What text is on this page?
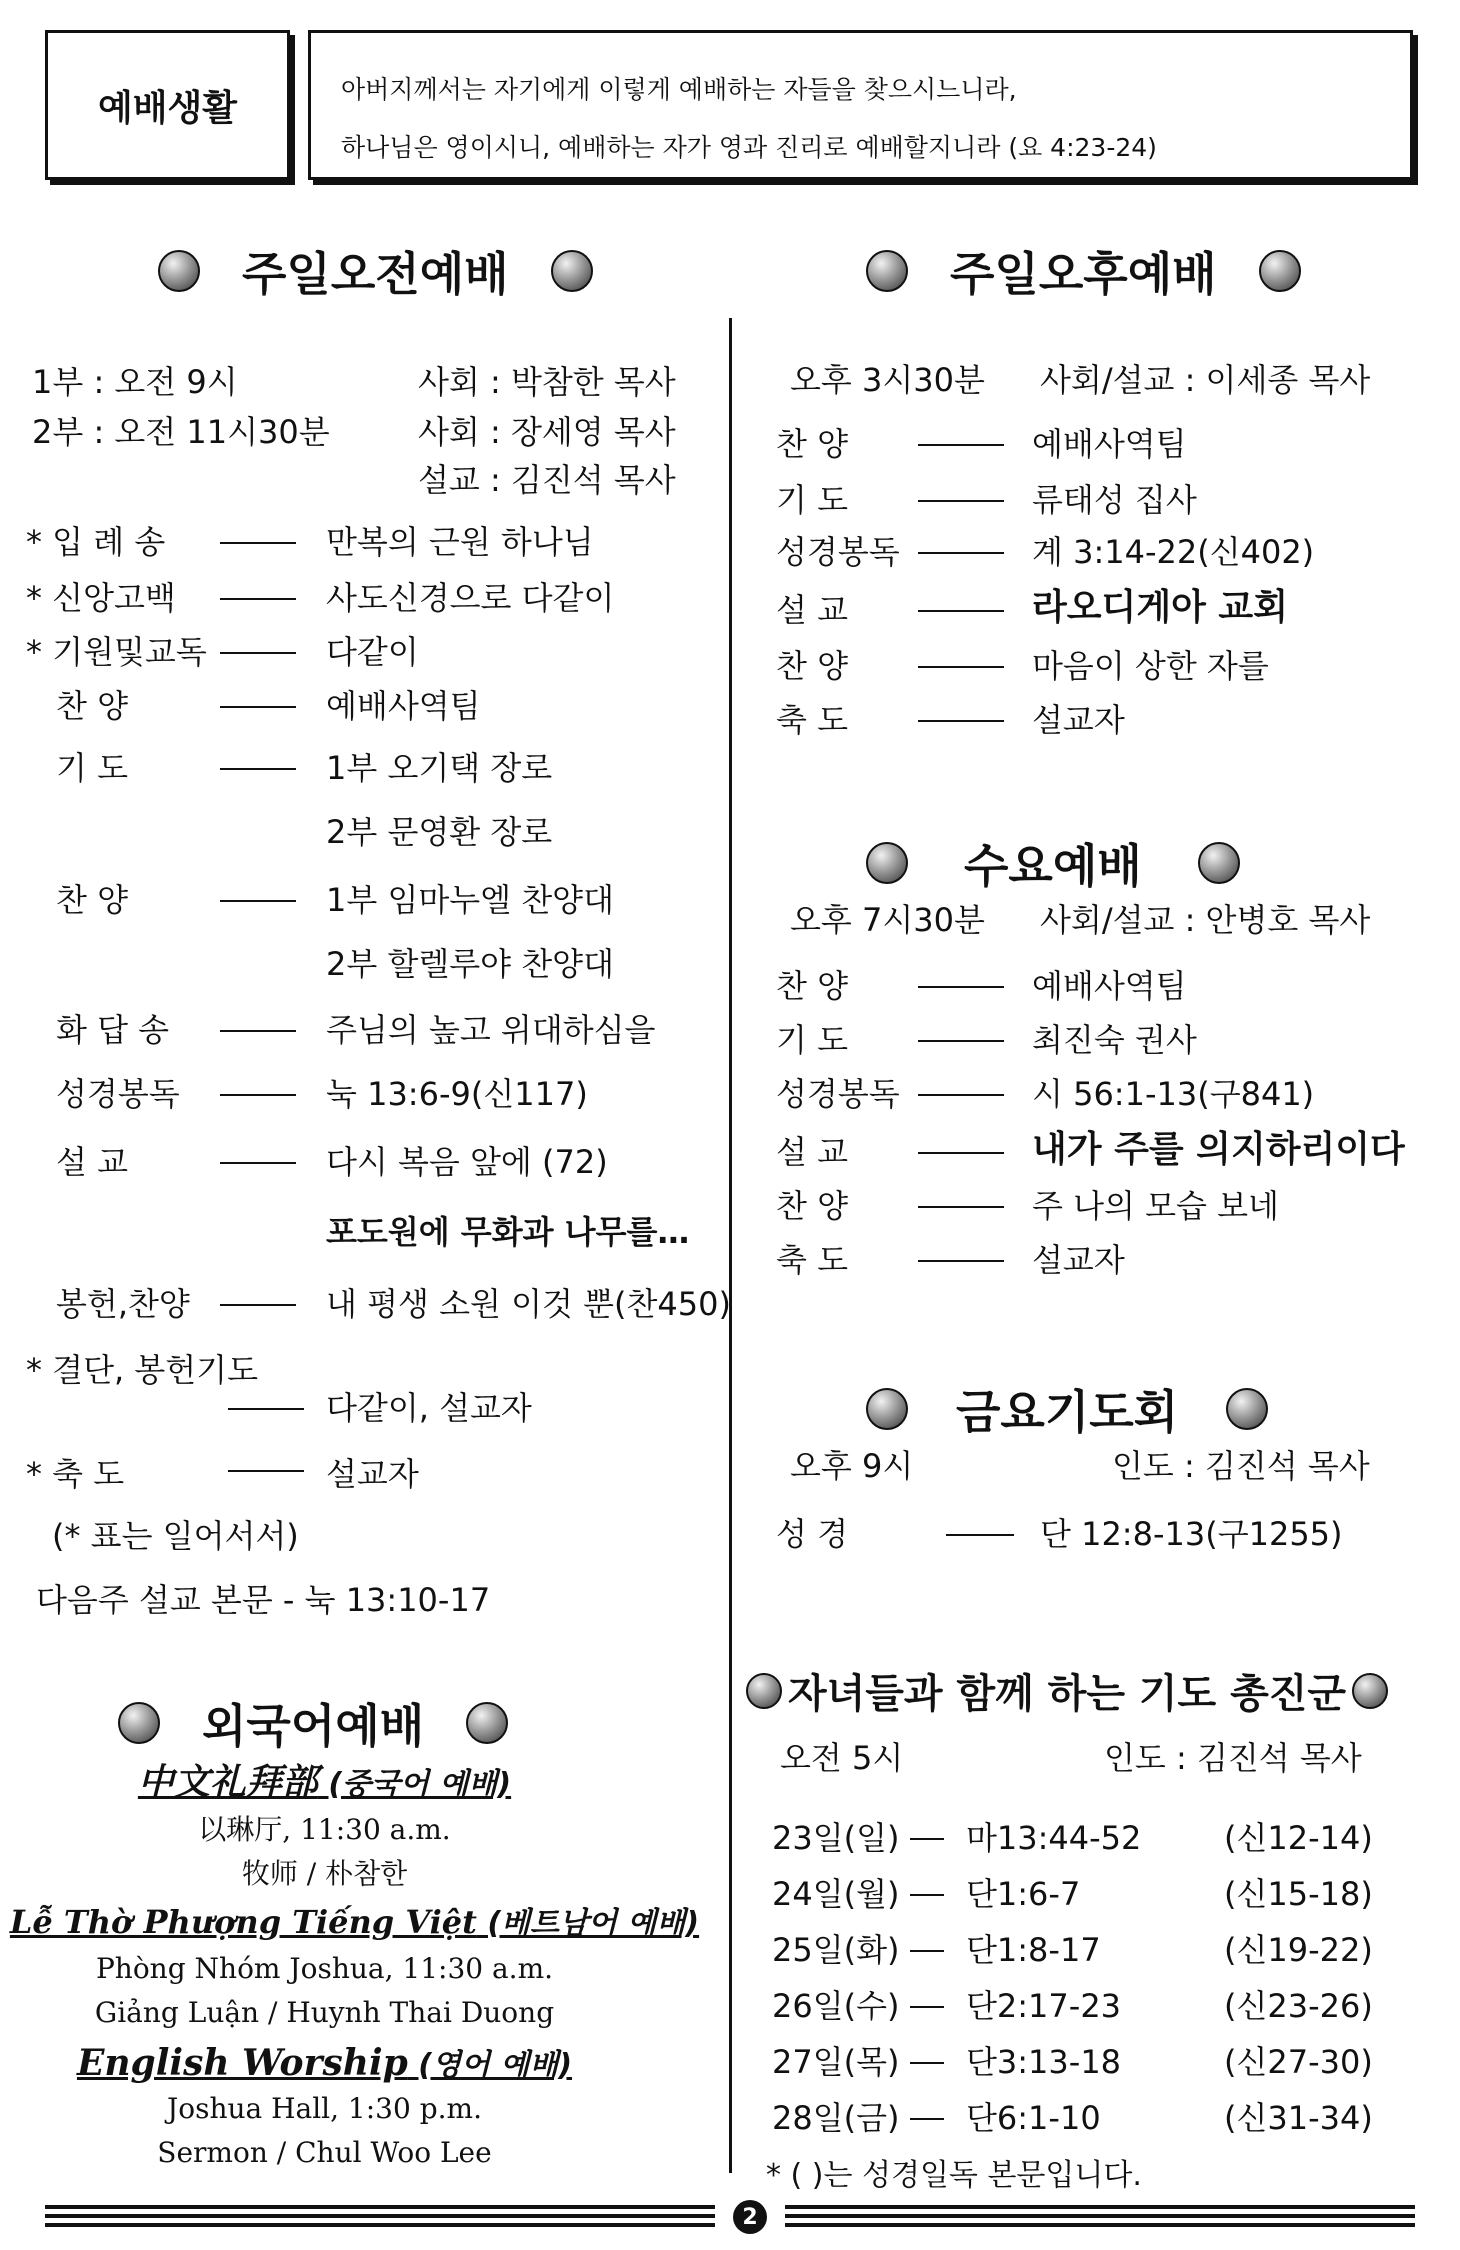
예배생활	아버지께서는 자기에게 이렇게 예배하는 자들을 찾으시느니라,
하나님은 영이시니, 예배하는 자가 영과 진리로 예배할지니라 (요 4:23-24)
주일오전예배	주일오후예배
1부 : 오전 9시	사회 : 박참한 목사
2부 : 오전 11시30분	사회 : 장세영 목사
설교 : 김진석 목사
* 입 례 송	만복의 근원 하나님
* 신앙고백	사도신경으로 다같이
* 기원및교독	다같이
찬 양	예배사역팀
기 도	1부 오기택 장로
2부 문영환 장로
찬 양	1부 임마누엘 찬양대
2부 할렐루야 찬양대
화 답 송	주님의 높고 위대하심을
성경봉독	눅 13:6-9(신117)
설 교	다시 복음 앞에 (72)
포도원에 무화과 나무를…
봉헌,찬양	내 평생 소원 이것 뿐(찬450)
* 결단, 봉헌기도
다같이, 설교자
* 축 도	설교자
(* 표는 일어서서)
다음주 설교 본문 - 눅 13:10-17
외국어예배
中文礼拜部 (중국어 예배)
以琳厅, 11:30 a.m.
牧师 / 朴참한
Lễ Thờ Phượng Tiếng Việt (베트남어 예배)
Phòng Nhóm Joshua, 11:30 a.m.
Giảng Luận / Huynh Thai Duong
English Worship (영어 예배)
Joshua Hall, 1:30 p.m.
Sermon / Chul Woo Lee
오후 3시30분 사회/설교 : 이세종 목사
찬 양	예배사역팀
기 도	류태성 집사
성경봉독	계 3:14-22(신402)
설 교	라오디게아 교회
찬 양	마음이 상한 자를
축 도	설교자
수요예배
오후 7시30분 사회/설교 : 안병호 목사
찬 양	예배사역팀
기 도	최진숙 권사
성경봉독	시 56:1-13(구841)
설 교	내가 주를 의지하리이다
찬 양	주 나의 모습 보네
축 도	설교자
금요기도회
오후 9시	인도 : 김진석 목사
성 경	단 12:8-13(구1255)
자녀들과 함께 하는 기도 총진군
오전 5시	인도 : 김진석 목사
23일(일) 마13:44-52	(신12-14)
24일(월) 단1:6-7	(신15-18)
25일(화) 단1:8-17	(신19-22)
26일(수) 단2:17-23	(신23-26)
27일(목) 단3:13-18	(신27-30)
28일(금) 단6:1-10	(신31-34)
* ( )는 성경일독 본문입니다.
2
